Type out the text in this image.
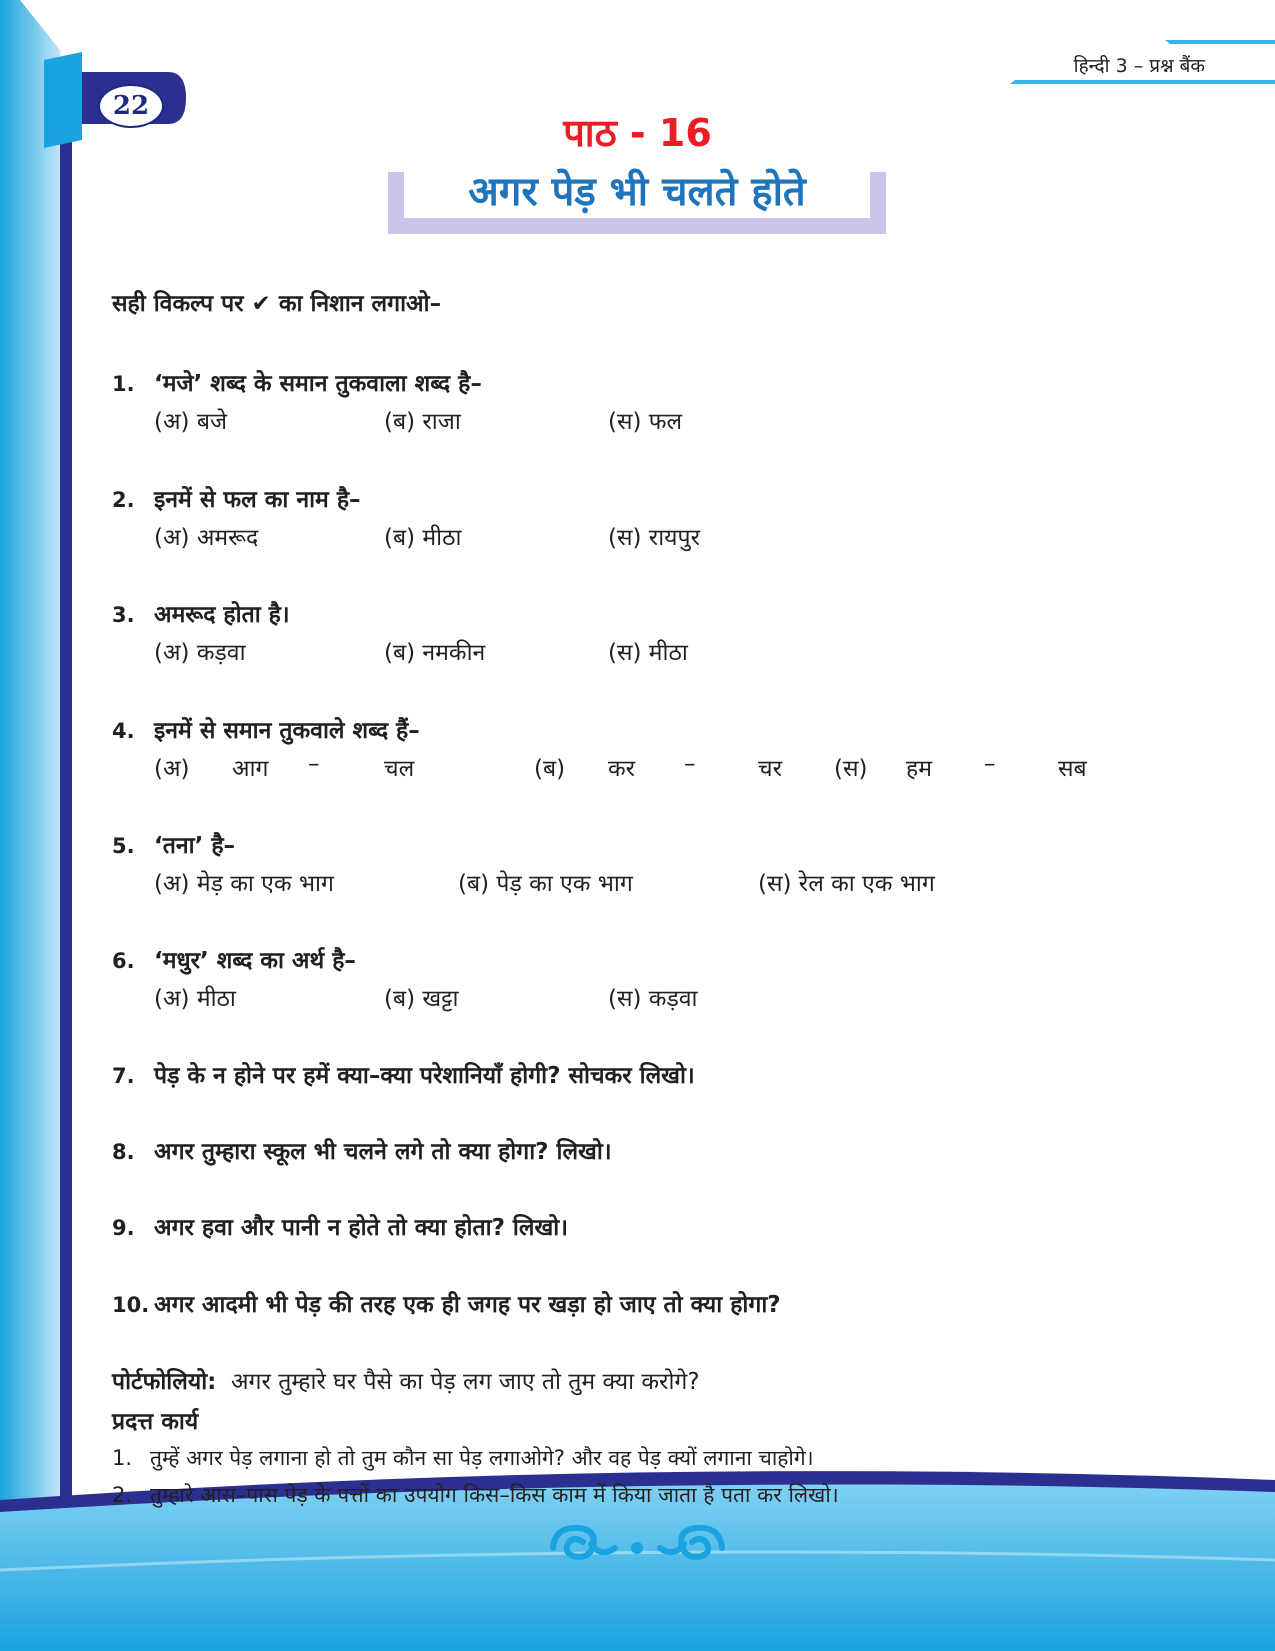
हिन्दी 3 – प्रश्न बैंक
22
पाठ - 16
अगर पेड़ भी चलते होते
सही विकल्प पर ✔ का निशान लगाओ–
1. ‘मजे’ शब्द के समान तुकवाला शब्द है–
(अ) बजे	(ब) राजा	(स) फल
2. इनमें से फल का नाम है–
(अ) अमरूद	(ब) मीठा	(स) रायपुर
3. अमरूद होता है।
(अ) कड़वा	(ब) नमकीन	(स) मीठा
4. इनमें से समान तुकवाले शब्द हैं–
(अ) आग –	चल	(ब) कर –	चर (स) हम –	सब
5. ‘तना’ है–
(अ) मेड़ का एक भाग	(ब) पेड़ का एक भाग	(स) रेल का एक भाग
6. ‘मधुर’ शब्द का अर्थ है–
(अ) मीठा	(ब) खट्टा	(स) कड़वा
7. पेड़ के न होने पर हमें क्या–क्या परेशानियाँ होगी? सोचकर लिखो।
8. अगर तुम्हारा स्कूल भी चलने लगे तो क्या होगा? लिखो।
9. अगर हवा और पानी न होते तो क्या होता? लिखो।
10. अगर आदमी भी पेड़ की तरह एक ही जगह पर खड़ा हो जाए तो क्या होगा?
पोर्टफोलियो: अगर तुम्हारे घर पैसे का पेड़ लग जाए तो तुम क्या करोगे?
प्रदत्त कार्य
1. तुम्हें अगर पेड़ लगाना हो तो तुम कौन सा पेड़ लगाओगे? और वह पेड़ क्यों लगाना चाहोगे।
2. तुम्हारे आस–पास पेड़ के पत्तों का उपयोग किस–किस काम में किया जाता है पता कर लिखो।
